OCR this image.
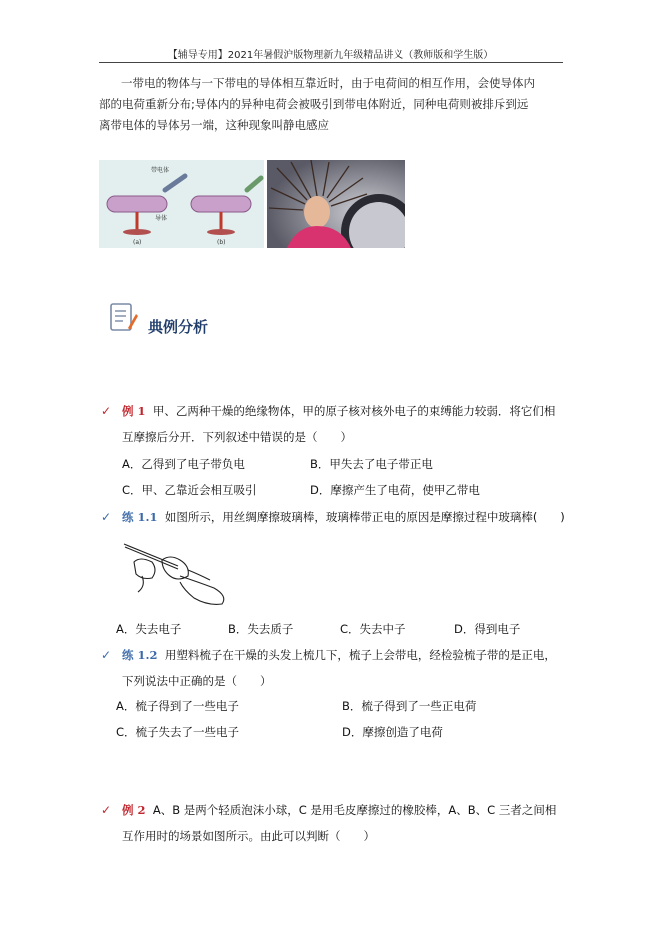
【辅导专用】2021年暑假沪版物理新九年级精品讲义（教师版和学生版）
一带电的物体与一下带电的导体相互靠近时，由于电荷间的相互作用，会使导体内
部的电荷重新分布;导体内的异种电荷会被吸引到带电体附近，同种电荷则被排斥到远
离带电体的导体另一端，这种现象叫静电感应
带电体
导体
(a)	(b)
典例分析
✓ 例 1 甲、乙两种干燥的绝缘物体，甲的原子核对核外电子的束缚能力较弱．将它们相
互摩擦后分开．下列叙述中错误的是（　　）
A．乙得到了电子带负电	B．甲失去了电子带正电
C．甲、乙靠近会相互吸引	D．摩擦产生了电荷，使甲乙带电
✓ 练 1.1 如图所示，用丝绸摩擦玻璃棒，玻璃棒带正电的原因是摩擦过程中玻璃棒(　　)
A．失去电子	B．失去质子	C．失去中子	D．得到电子
✓ 练 1.2 用塑料梳子在干燥的头发上梳几下，梳子上会带电，经检验梳子带的是正电，
下列说法中正确的是（　　）
A．梳子得到了一些电子	B．梳子得到了一些正电荷
C．梳子失去了一些电子	D．摩擦创造了电荷
✓ 例 2 A、B 是两个轻质泡沫小球，C 是用毛皮摩擦过的橡胶棒，A、B、C 三者之间相
互作用时的场景如图所示。由此可以判断（　　）
